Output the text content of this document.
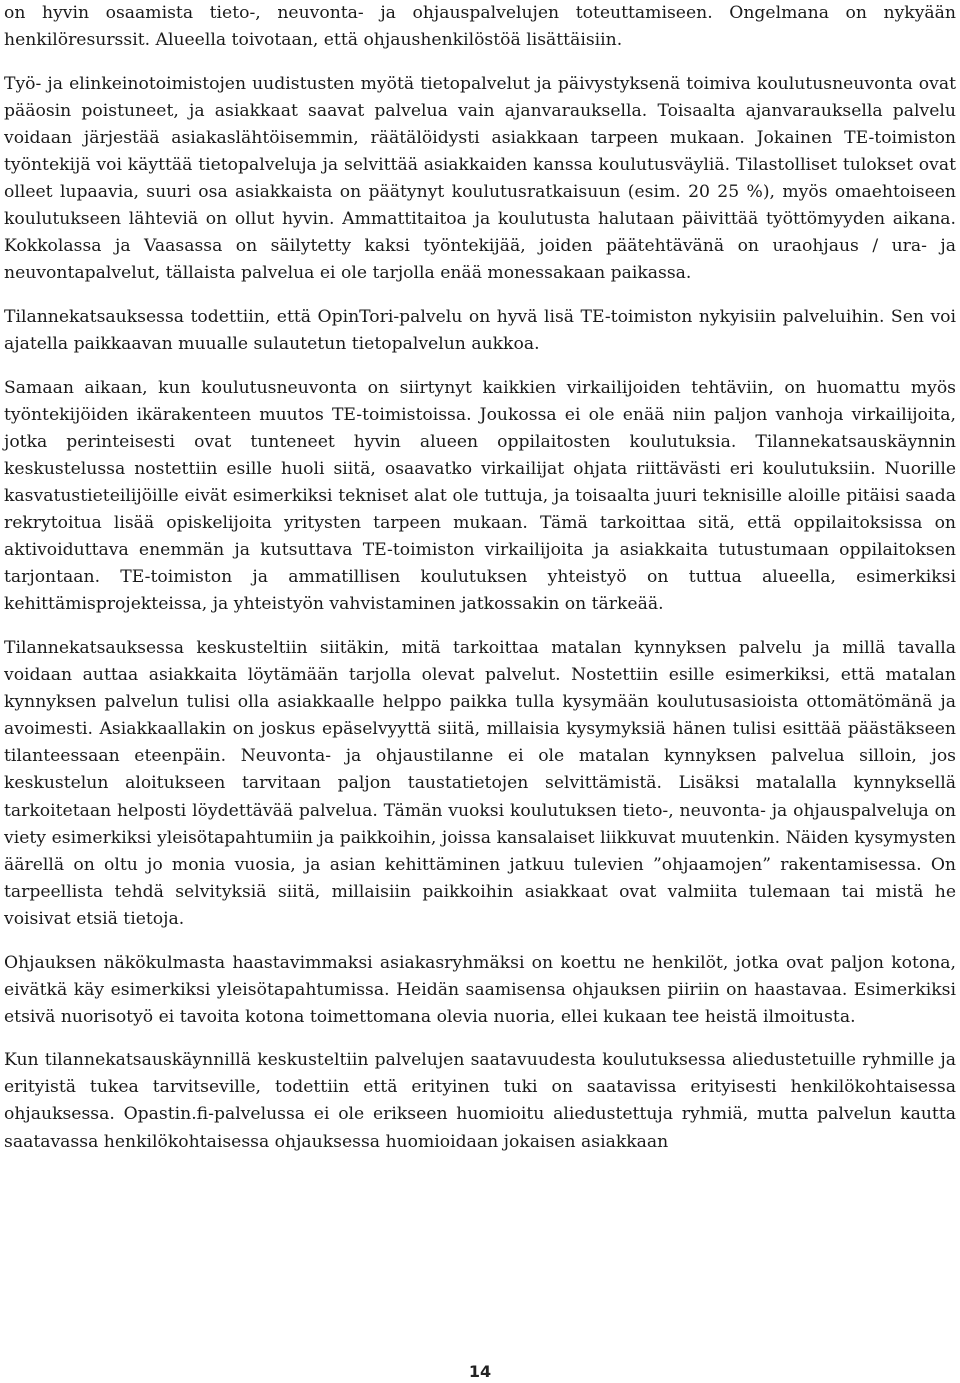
on hyvin osaamista tieto-, neuvonta- ja ohjauspalvelujen toteuttamiseen. Ongelmana on nykyään henkilöresurssit. Alueella toivotaan, että ohjaushenkilöstöä lisättäisiin.

Työ- ja elinkeinotoimistojen uudistusten myötä tietopalvelut ja päivystyksenä toimiva koulutusneuvonta ovat pääosin poistuneet, ja asiakkaat saavat palvelua vain ajanvarauksella. Toisaalta ajanvarauksella palvelu voidaan järjestää asiakaslähtöisemmin, räätälöidysti asiakkaan tarpeen mukaan. Jokainen TE-toimiston työntekijä voi käyttää tietopalveluja ja selvittää asiakkaiden kanssa koulutusväyliä. Tilastolliset tulokset ovat olleet lupaavia, suuri osa asiakkaista on päätynyt koulutusratkaisuun (esim. 20 25 %), myös omaehtoiseen koulutukseen lähteviä on ollut hyvin. Ammattitaitoa ja koulutusta halutaan päivittää työttömyyden aikana. Kokkolassa ja Vaasassa on säilytetty kaksi työntekijää, joiden päätehtävänä on uraohjaus / ura- ja neuvontapalvelut, tällaista palvelua ei ole tarjolla enää monessakaan paikassa.

Tilannekatsauksessa todettiin, että OpinTori-palvelu on hyvä lisä TE-toimiston nykyisiin palveluihin. Sen voi ajatella paikkaavan muualle sulautetun tietopalvelun aukkoa.

Samaan aikaan, kun koulutusneuvonta on siirtynyt kaikkien virkailijoiden tehtäviin, on huomattu myös työntekijöiden ikärakenteen muutos TE-toimistoissa. Joukossa ei ole enää niin paljon vanhoja virkailijoita, jotka perinteisesti ovat tunteneet hyvin alueen oppilaitosten koulutuksia. Tilannekatsauskäynnin keskustelussa nostettiin esille huoli siitä, osaavatko virkailijat ohjata riittävästi eri koulutuksiin. Nuorille kasvatustieteilijöille eivät esimerkiksi tekniset alat ole tuttuja, ja toisaalta juuri teknisille aloille pitäisi saada rekrytoitua lisää opiskelijoita yritysten tarpeen mukaan. Tämä tarkoittaa sitä, että oppilaitoksissa on aktivoiduttava enemmän ja kutsuttava TE-toimiston virkailijoita ja asiakkaita tutustumaan oppilaitoksen tarjontaan. TE-toimiston ja ammatillisen koulutuksen yhteistyö on tuttua alueella, esimerkiksi kehittämisprojekteissa, ja yhteistyön vahvistaminen jatkossakin on tärkeää.

Tilannekatsauksessa keskusteltiin siitäkin, mitä tarkoittaa matalan kynnyksen palvelu ja millä tavalla voidaan auttaa asiakkaita löytämään tarjolla olevat palvelut. Nostettiin esille esimerkiksi, että matalan kynnyksen palvelun tulisi olla asiakkaalle helppo paikka tulla kysymään koulutusasioista ottomätömänä ja avoimesti. Asiakkaallakin on joskus epäselvyyttä siitä, millaisia kysymyksiä hänen tulisi esittää päästäkseen tilanteessaan eteenpäin. Neuvonta- ja ohjaustilanne ei ole matalan kynnyksen palvelua silloin, jos keskustelun aloitukseen tarvitaan paljon taustatietojen selvittämistä. Lisäksi matalalla kynnyksellä tarkoitetaan helposti löydettävää palvelua. Tämän vuoksi koulutuksen tieto-, neuvonta- ja ohjauspalveluja on viety esimerkiksi yleisötapahtumiin ja paikkoihin, joissa kansalaiset liikkuvat muutenkin. Näiden kysymysten äärellä on oltu jo monia vuosia, ja asian kehittäminen jatkuu tulevien ”ohjaamojen” rakentamisessa. On tarpeellista tehdä selvityksiä siitä, millaisiin paikkoihin asiakkaat ovat valmiita tulemaan tai mistä he voisivat etsiä tietoja.

Ohjauksen näkökulmasta haastavimmaksi asiakasryhmäksi on koettu ne henkilöt, jotka ovat paljon kotona, eivätkä käy esimerkiksi yleisötapahtumissa. Heidän saamisensa ohjauksen piiriin on haastavaa. Esimerkiksi etsivä nuorisotyö ei tavoita kotona toimettomana olevia nuoria, ellei kukaan tee heistä ilmoitusta.

Kun tilannekatsauskäynnillä keskusteltiin palvelujen saatavuudesta koulutuksessa aliedustetuille ryhmille ja erityistä tukea tarvitseville, todettiin että erityinen tuki on saatavissa erityisesti henkilökohtaisessa ohjauksessa. Opastin.fi-palvelussa ei ole erikseen huomioitu aliedustettuja ryhmiä, mutta palvelun kautta saatavassa henkilökohtaisessa ohjauksessa huomioidaan jokaisen asiakkaan

14
